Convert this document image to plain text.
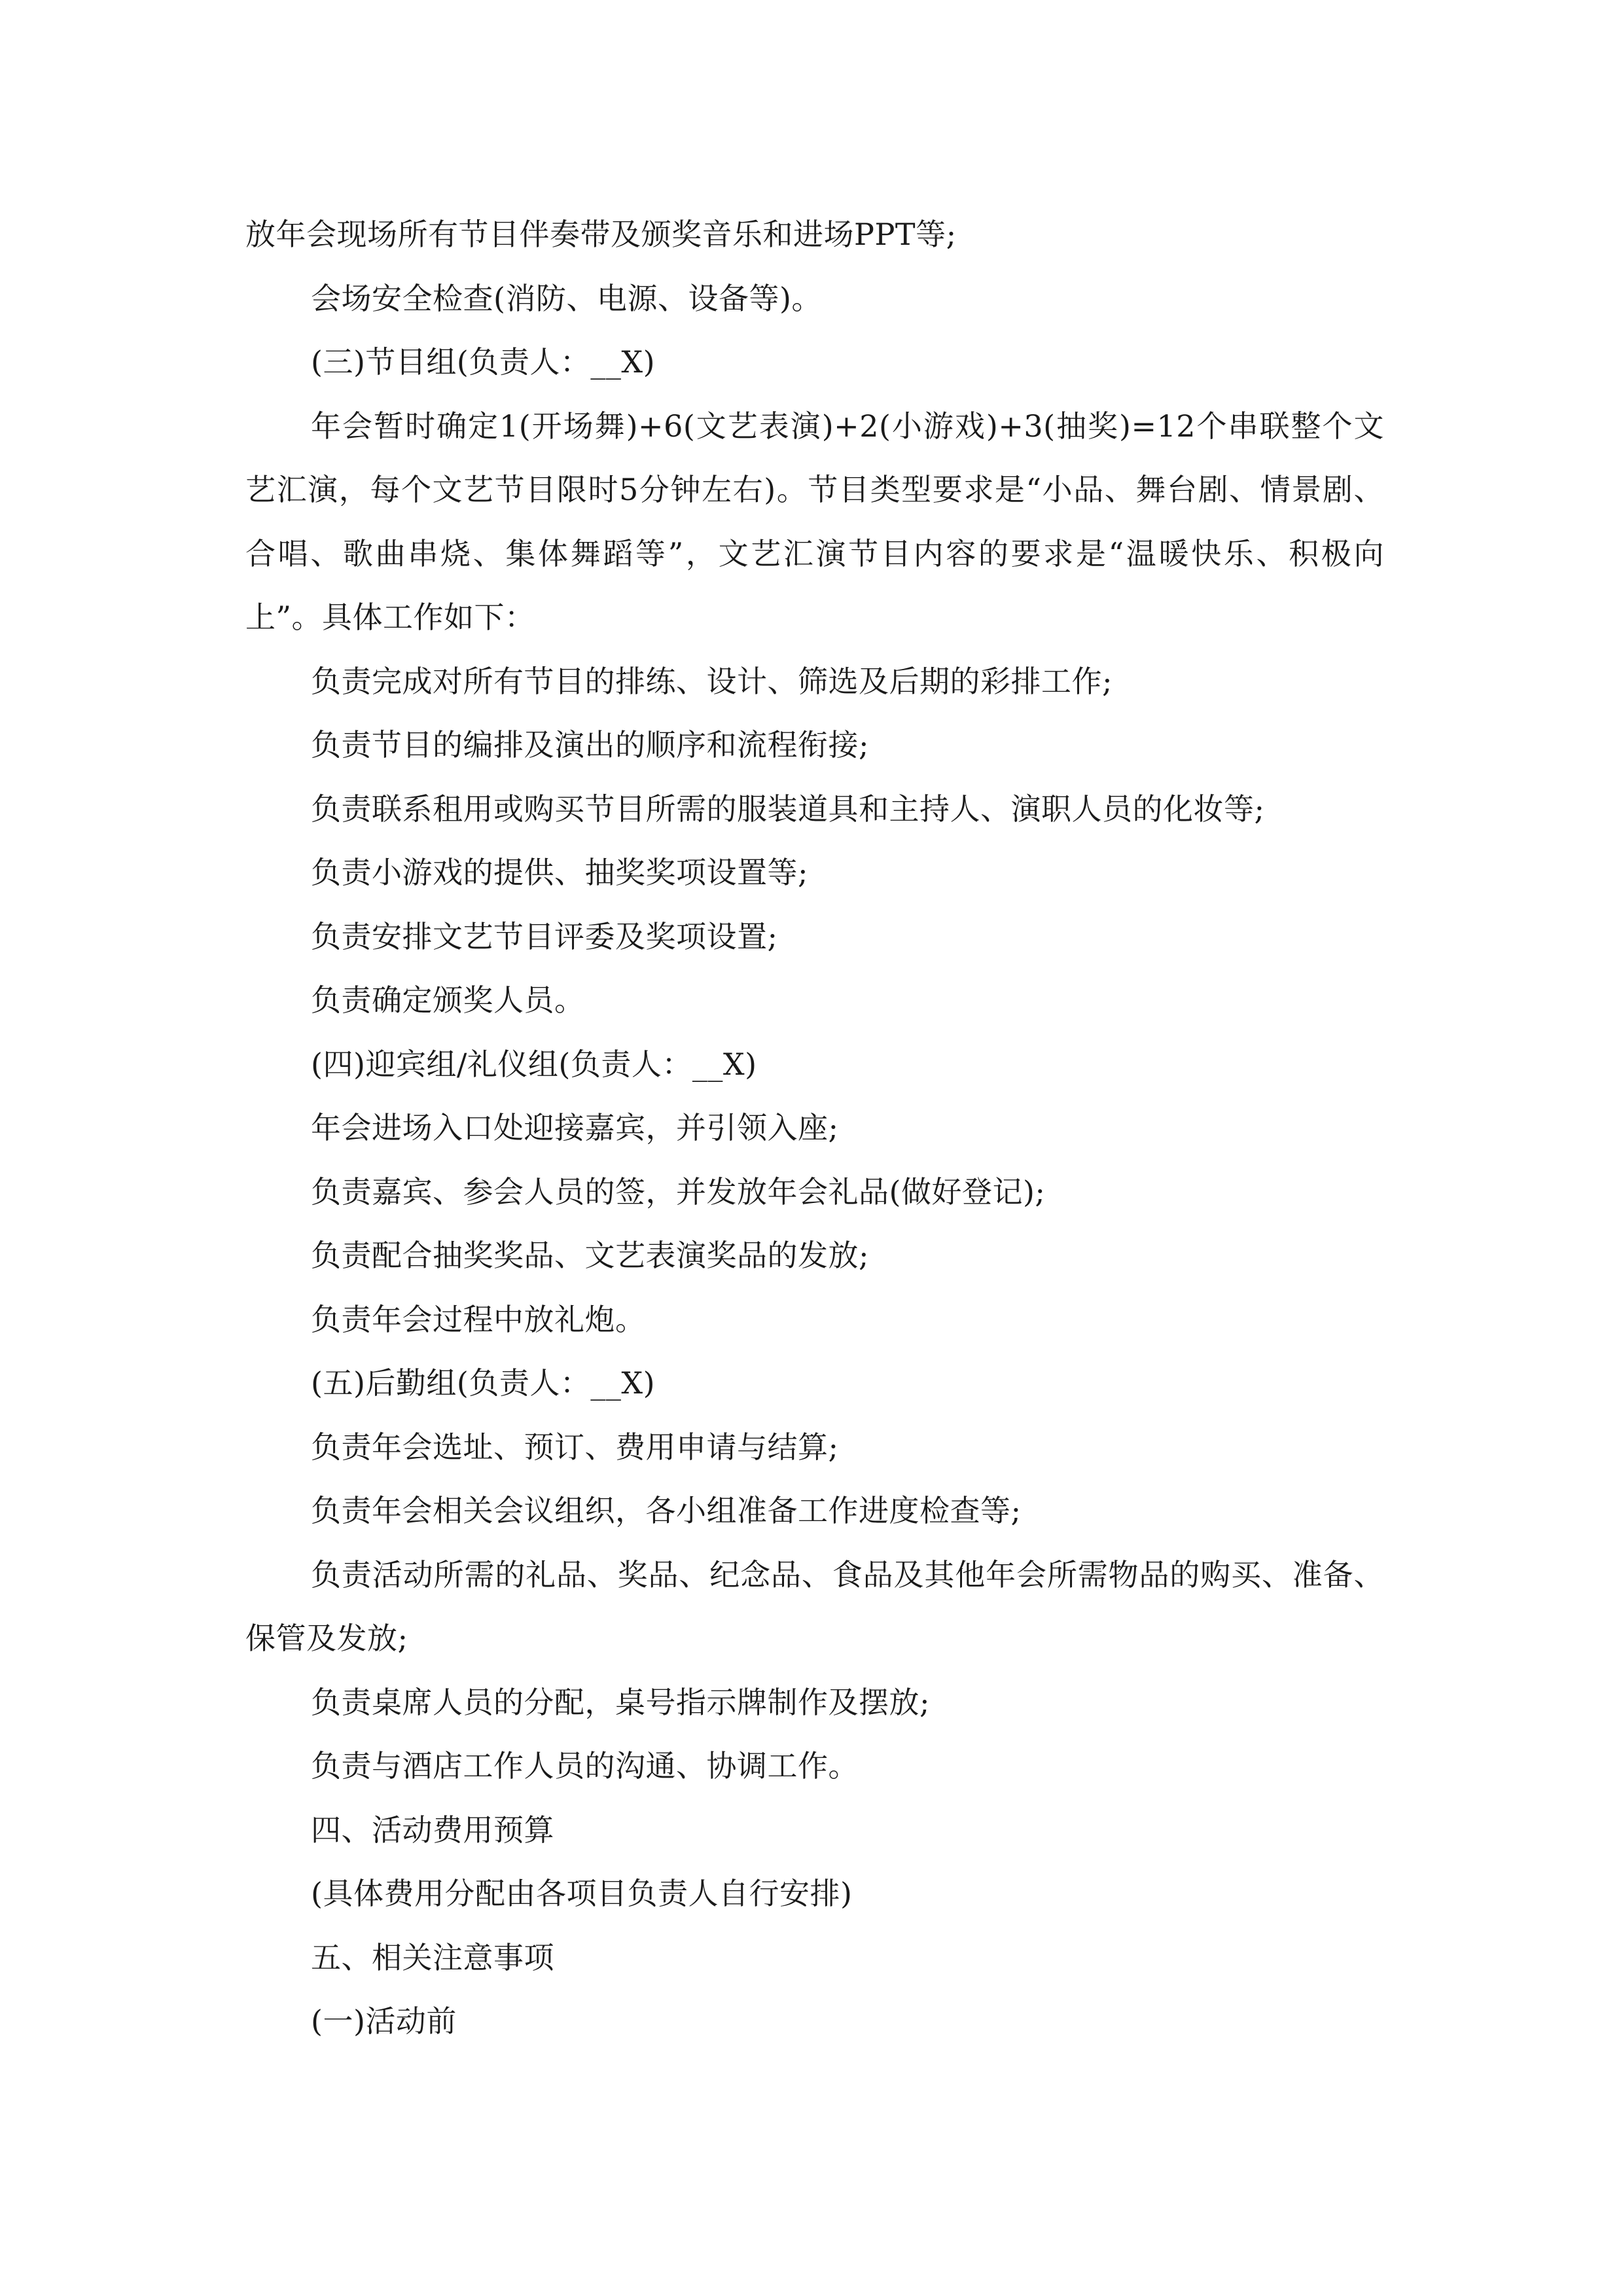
放年会现场所有节目伴奏带及颁奖音乐和进场PPT等;

会场安全检查(消防、电源、设备等)。

(三)节目组(负责人：__X)

年会暂时确定1(开场舞)+6(文艺表演)+2(小游戏)+3(抽奖)=12个串联整个文艺汇演，每个文艺节目限时5分钟左右)。节目类型要求是“小品、舞台剧、情景剧、合唱、歌曲串烧、集体舞蹈等”，文艺汇演节目内容的要求是“温暖快乐、积极向上”。具体工作如下：

负责完成对所有节目的排练、设计、筛选及后期的彩排工作;

负责节目的编排及演出的顺序和流程衔接;

负责联系租用或购买节目所需的服装道具和主持人、演职人员的化妆等;

负责小游戏的提供、抽奖奖项设置等;

负责安排文艺节目评委及奖项设置;

负责确定颁奖人员。

(四)迎宾组/礼仪组(负责人：__X)

年会进场入口处迎接嘉宾，并引领入座;

负责嘉宾、参会人员的签，并发放年会礼品(做好登记);

负责配合抽奖奖品、文艺表演奖品的发放;

负责年会过程中放礼炮。

(五)后勤组(负责人：__X)

负责年会选址、预订、费用申请与结算;

负责年会相关会议组织，各小组准备工作进度检查等;

负责活动所需的礼品、奖品、纪念品、食品及其他年会所需物品的购买、准备、保管及发放;

负责桌席人员的分配，桌号指示牌制作及摆放;

负责与酒店工作人员的沟通、协调工作。

四、活动费用预算

(具体费用分配由各项目负责人自行安排)

五、相关注意事项

(一)活动前
